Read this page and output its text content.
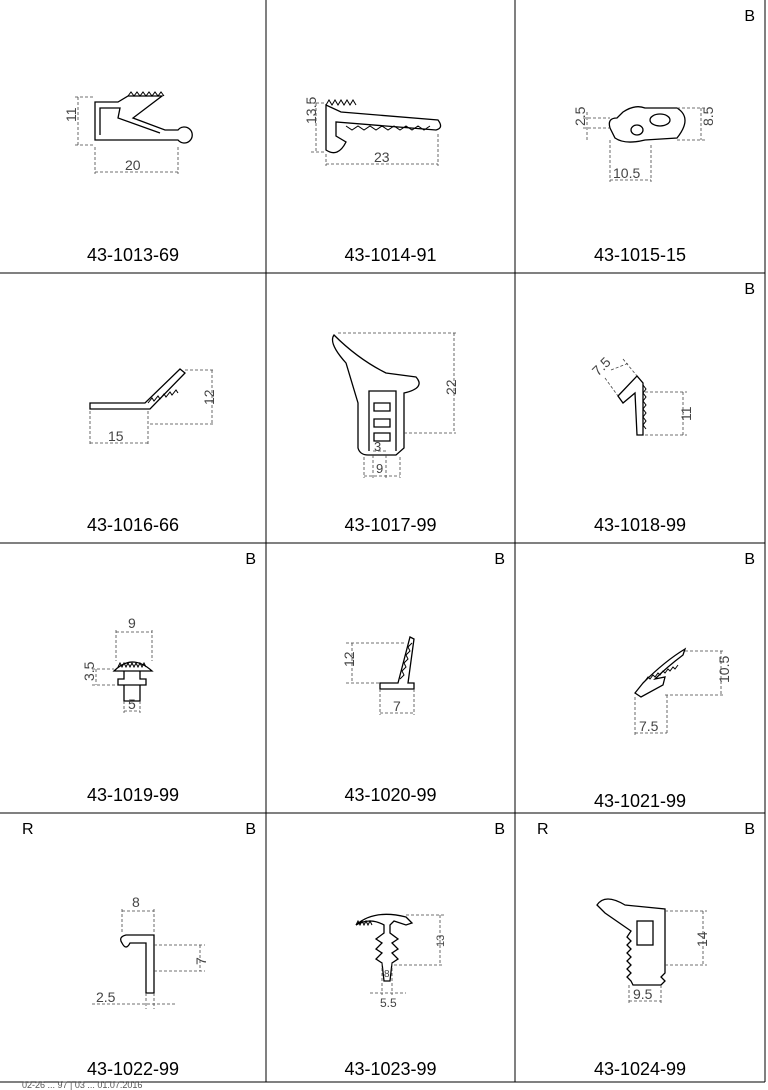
11
20
43-1013-69
13.5
23
43-1014-91
B
2.5	8.5
10.5
43-1015-15
12
15
43-1016-66
22
3
9
43-1017-99
B
7.5
11
43-1018-99
B
9
3.5
5
43-1019-99
B
12
7
43-1020-99
B
10.5
7.5
43-1021-99
R	B
8
7
2.5
43-1022-99
B
13
8
5.5
43-1023-99
R	B
14
9.5
43-1024-99
02-26 ... 97 | 03 ... 01.07.2016
